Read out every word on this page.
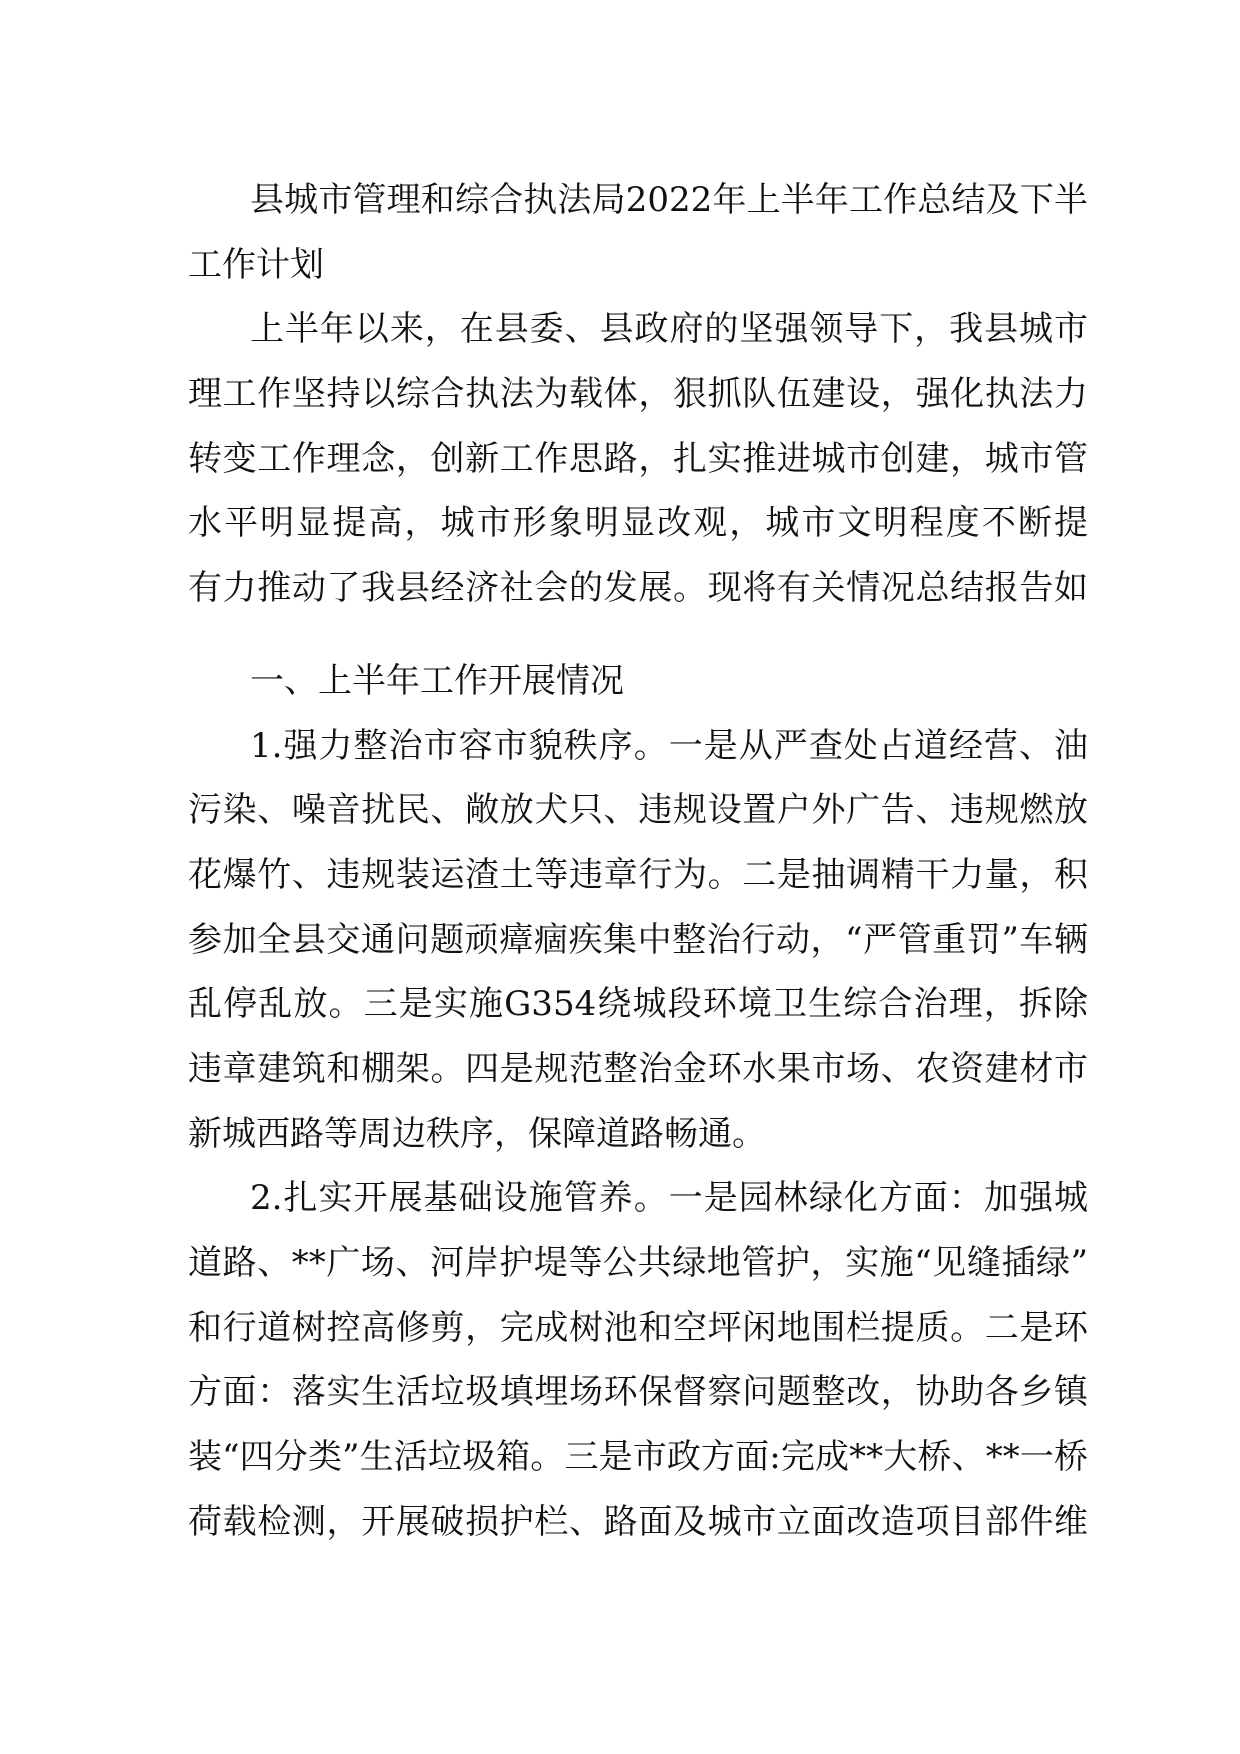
县城市管理和综合执法局2022年上半年工作总结及下半
工作计划
上半年以来，在县委、县政府的坚强领导下，我县城市
理工作坚持以综合执法为载体，狠抓队伍建设，强化执法力
转变工作理念，创新工作思路，扎实推进城市创建，城市管
水平明显提高，城市形象明显改观，城市文明程度不断提
有力推动了我县经济社会的发展。现将有关情况总结报告如
一、上半年工作开展情况
1.强力整治市容市貌秩序。一是从严查处占道经营、油
污染、噪音扰民、敞放犬只、违规设置户外广告、违规燃放
花爆竹、违规装运渣土等违章行为。二是抽调精干力量，积
参加全县交通问题顽瘴痼疾集中整治行动，“严管重罚”车辆
乱停乱放。三是实施G354绕城段环境卫生综合治理，拆除
违章建筑和棚架。四是规范整治金环水果市场、农资建材市
新城西路等周边秩序，保障道路畅通。
2.扎实开展基础设施管养。一是园林绿化方面：加强城
道路、**广场、河岸护堤等公共绿地管护，实施“见缝插绿”
和行道树控高修剪，完成树池和空坪闲地围栏提质。二是环
方面：落实生活垃圾填埋场环保督察问题整改，协助各乡镇
装“四分类”生活垃圾箱。三是市政方面:完成**大桥、**一桥
荷载检测，开展破损护栏、路面及城市立面改造项目部件维
